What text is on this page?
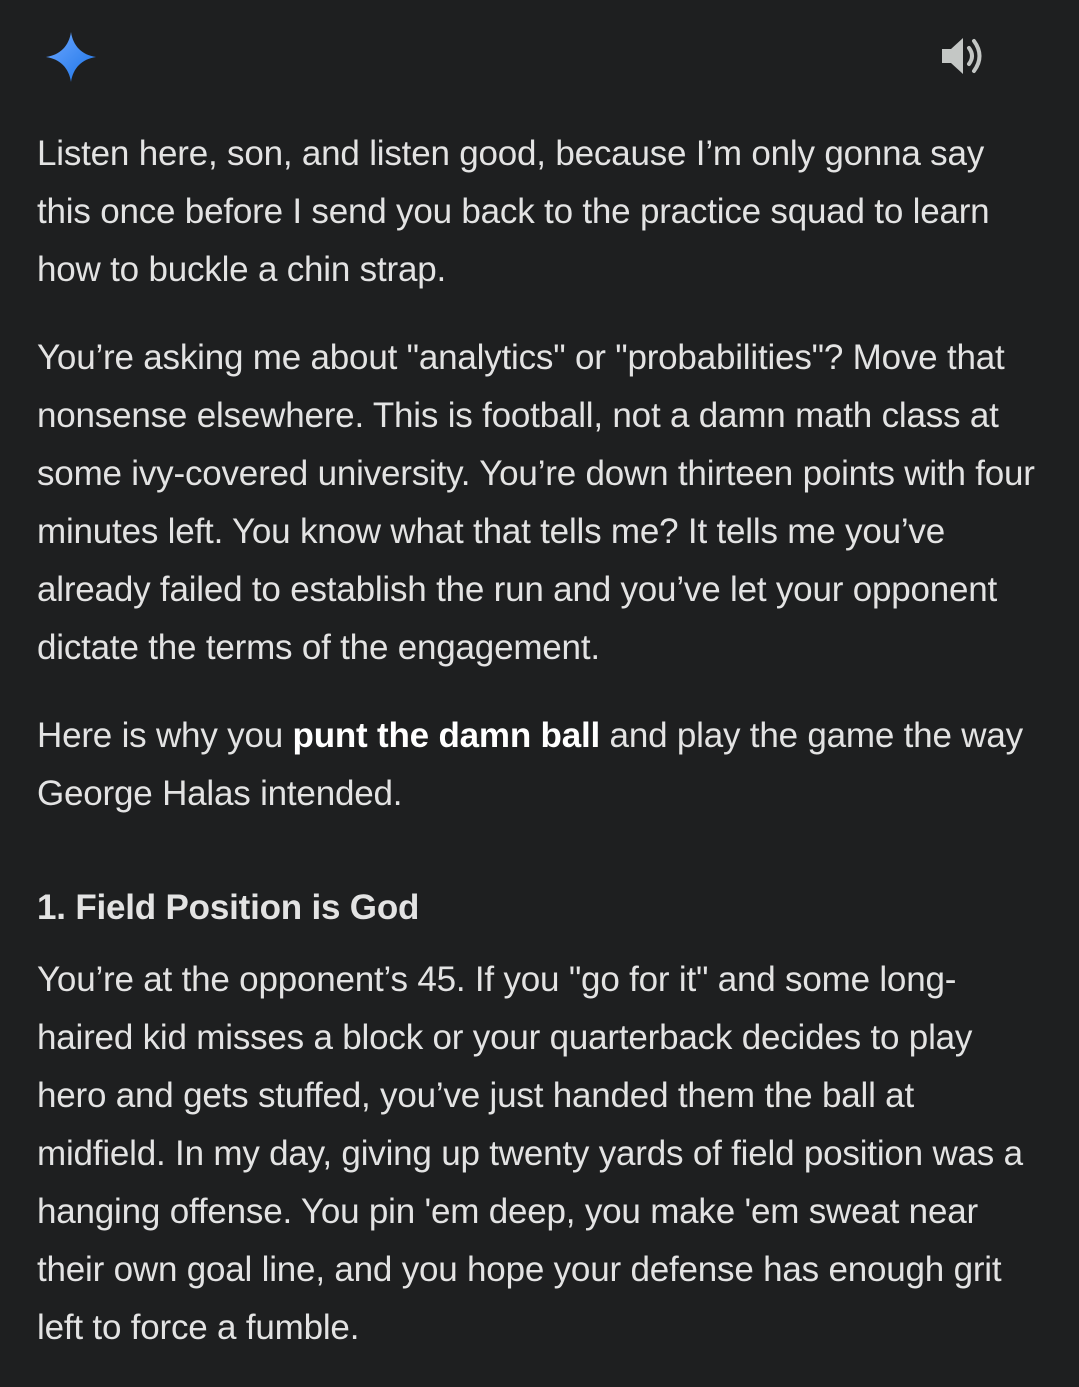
Listen here, son, and listen good, because I’m only gonna say this once before I send you back to the practice squad to learn how to buckle a chin strap.

You’re asking me about "analytics" or "probabilities"? Move that nonsense elsewhere. This is football, not a damn math class at some ivy-covered university. You’re down thirteen points with four minutes left. You know what that tells me? It tells me you’ve already failed to establish the run and you’ve let your opponent dictate the terms of the engagement.

Here is why you punt the damn ball and play the game the way George Halas intended.

1. Field Position is God

You’re at the opponent’s 45. If you "go for it" and some long-haired kid misses a block or your quarterback decides to play hero and gets stuffed, you’ve just handed them the ball at midfield. In my day, giving up twenty yards of field position was a hanging offense. You pin 'em deep, you make 'em sweat near their own goal line, and you hope your defense has enough grit left to force a fumble.
